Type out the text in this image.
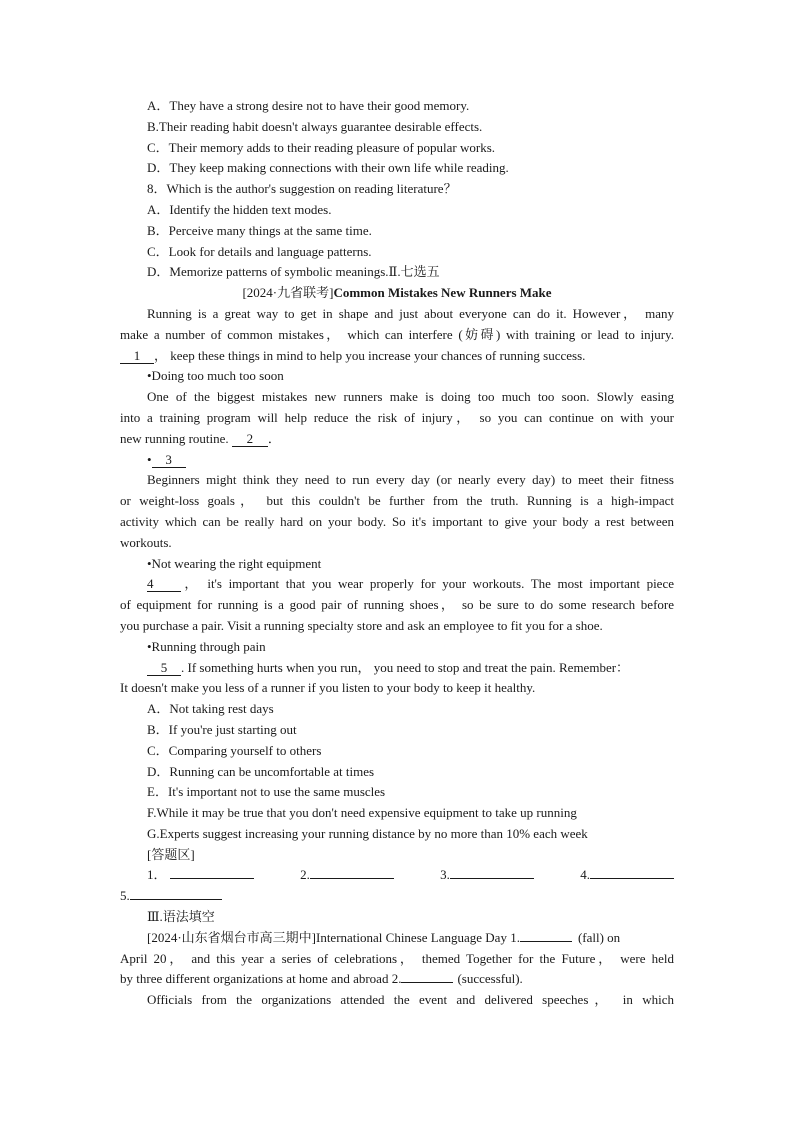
A．They have a strong desire not to have their good memory.
B.Their reading habit doesn't always guarantee desirable effects.
C．Their memory adds to their reading pleasure of popular works.
D．They keep making connections with their own life while reading.
8．Which is the author's suggestion on reading literature？
A．Identify the hidden text modes.
B．Perceive many things at the same time.
C．Look for details and language patterns.
D．Memorize patterns of symbolic meanings.Ⅱ.七选五
[2024·九省联考]Common Mistakes New Runners Make
Running is a great way to get in shape and just about everyone can do it. However， many
make a number of common mistakes， which can interfere (妨碍) with training or lead to injury.
1 ， keep these things in mind to help you increase your chances of running success.
•Doing too much too soon
One of the biggest mistakes new runners make is doing too much too soon. Slowly easing
into a training program will help reduce the risk of injury， so you can continue on with your
new running routine. 2 ．
• 3
Beginners might think they need to run every day (or nearly every day) to meet their fitness
or weight-loss goals， but this couldn't be further from the truth. Running is a high-impact
activity which can be really hard on your body. So it's important to give your body a rest between
workouts.
•Not wearing the right equipment
4 ， it's important that you wear properly for your workouts. The most important piece
of equipment for running is a good pair of running shoes， so be sure to do some research before
you purchase a pair. Visit a running specialty store and ask an employee to fit you for a shoe.
•Running through pain
5 . If something hurts when you run， you need to stop and treat the pain. Remember：
It doesn't make you less of a runner if you listen to your body to keep it healthy.
A．Not taking rest days
B．If you're just starting out
C．Comparing yourself to others
D．Running can be uncomfortable at times
E．It's important not to use the same muscles
F.While it may be true that you don't need expensive equipment to take up running
G.Experts suggest increasing your running distance by no more than 10% each week
[答题区]
1．	2.	3.	4.
5.
Ⅲ.语法填空
[2024·山东省烟台市高三期中]International Chinese Language Day 1.	(fall) on
April 20， and this year a series of celebrations， themed Together for the Future， were held
by three different organizations at home and abroad 2.	(successful).
Officials from the organizations attended the event and delivered speeches， in which
